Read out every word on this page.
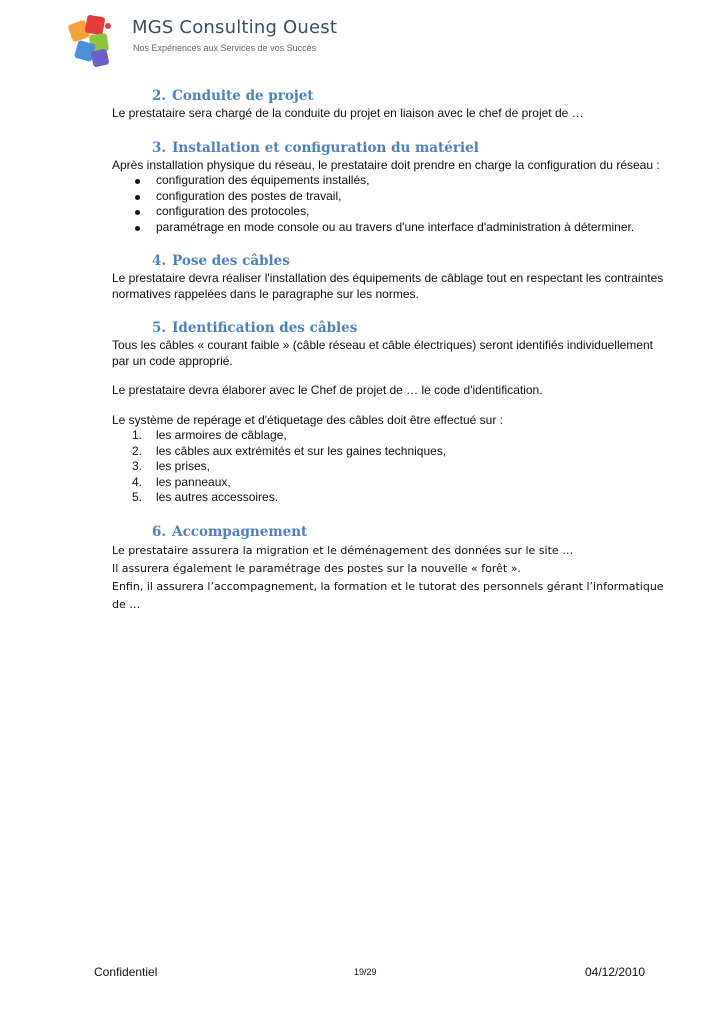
MGS Consulting Ouest
Nos Expériences aux Services de vos Succès
2. Conduite de projet

Le prestataire sera chargé de la conduite du projet en liaison avec le chef de projet de …

3. Installation et configuration du matériel

Après installation physique du réseau, le prestataire doit prendre en charge la configuration du réseau :

configuration des équipements installés,
configuration des postes de travail,
configuration des protocoles,
paramétrage en mode console ou au travers d'une interface d'administration à déterminer.
4. Pose des câbles

Le prestataire devra réaliser l'installation des équipements de câblage tout en respectant les contraintes normatives rappelées dans le paragraphe sur les normes.

5. Identification des câbles

Tous les câbles « courant faible » (câble réseau et câble électriques) seront identifiés individuellement par un code approprié.

Le prestataire devra élaborer avec le Chef de projet de … le code d'identification.

Le système de repérage et d'étiquetage des câbles doit être effectué sur :

1. les armoires de câblage,
2. les câbles aux extrémités et sur les gaines techniques,
3. les prises,
4. les panneaux,
5. les autres accessoires.
6. Accompagnement

Le prestataire assurera la migration et le déménagement des données sur le site …

Il assurera également le paramétrage des postes sur la nouvelle « forêt ».

Enfin, il assurera l’accompagnement, la formation et le tutorat des personnels gérant l’informatique de …

Confidentiel	19/29	04/12/2010
